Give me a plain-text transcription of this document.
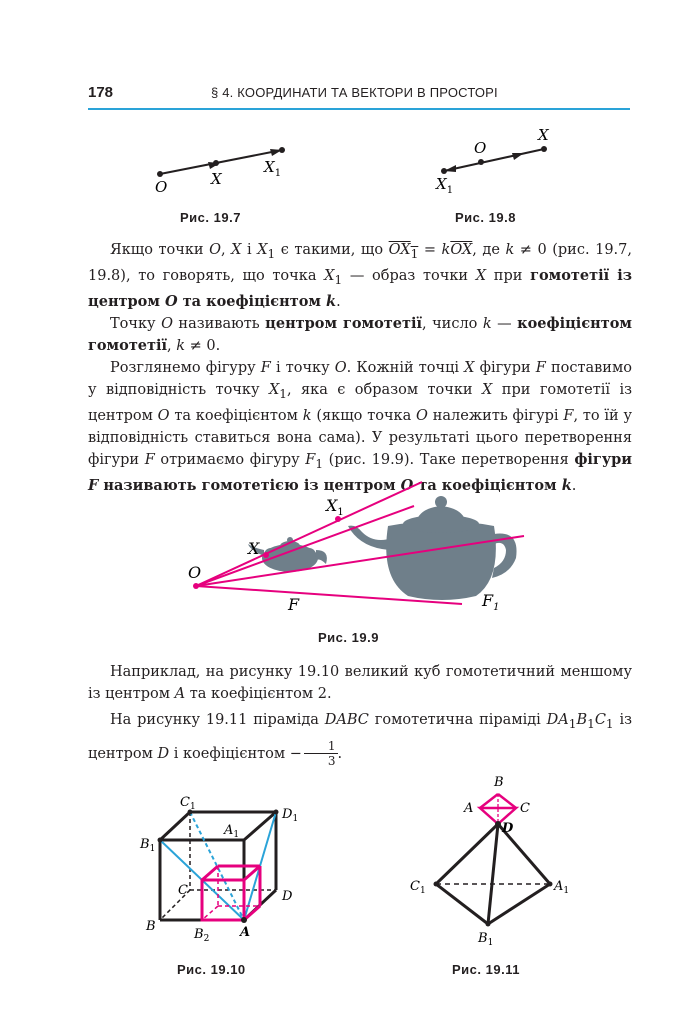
178	§ 4. КООРДИНАТИ ТА ВЕКТОРИ В ПРОСТОРІ
O	X
$X_1$
Рис. 19.7
O
X
$X_1$
Рис. 19.8

Якщо точки O, X і $X_1$ є такими, що $OX_1 = k\overline{OX}$, де k ≠ 0 (рис. 19.7, 19.8), то говорять, що точка $X_1$ — образ точки X при гомотетії із центром O та коефіцієнтом k.

Точку O називають центром гомотетії, число k — коефіцієнтом гомотетії, k ≠ 0.

Розглянемо фігуру F і точку O. Кожній точці X фігури F поставимо у відповідність точку $X_1$, яка є образом точки X при гомотетії із центром O та коефіцієнтом k (якщо точка O належить фігурі F, то їй у відповідність ставиться вона сама). У результаті цього перетворення фігури F отримаємо фігуру $F_1$ (рис. 19.9). Таке перетворення фігури F називають гомотетією із центром O та коефіцієнтом k.

O
X
$X_1$
F	$F_1$
Рис. 19.9

Наприклад, на рисунку 19.10 великий куб гомотетичний меншому із центром A та коефіцієнтом 2.

На рисунку 19.11 піраміда DABC гомотетична піраміді $DA_1B_1C_1$ із центром D і коефіцієнтом − $\frac{1}{3}$ .

$C_1$	$D_1$
$A_1$
$B_1$
C	D
B
$B_2$ A
Рис. 19.10
B
A	C
D
$C_1$	$A_1$
$B_1$
Рис. 19.11
